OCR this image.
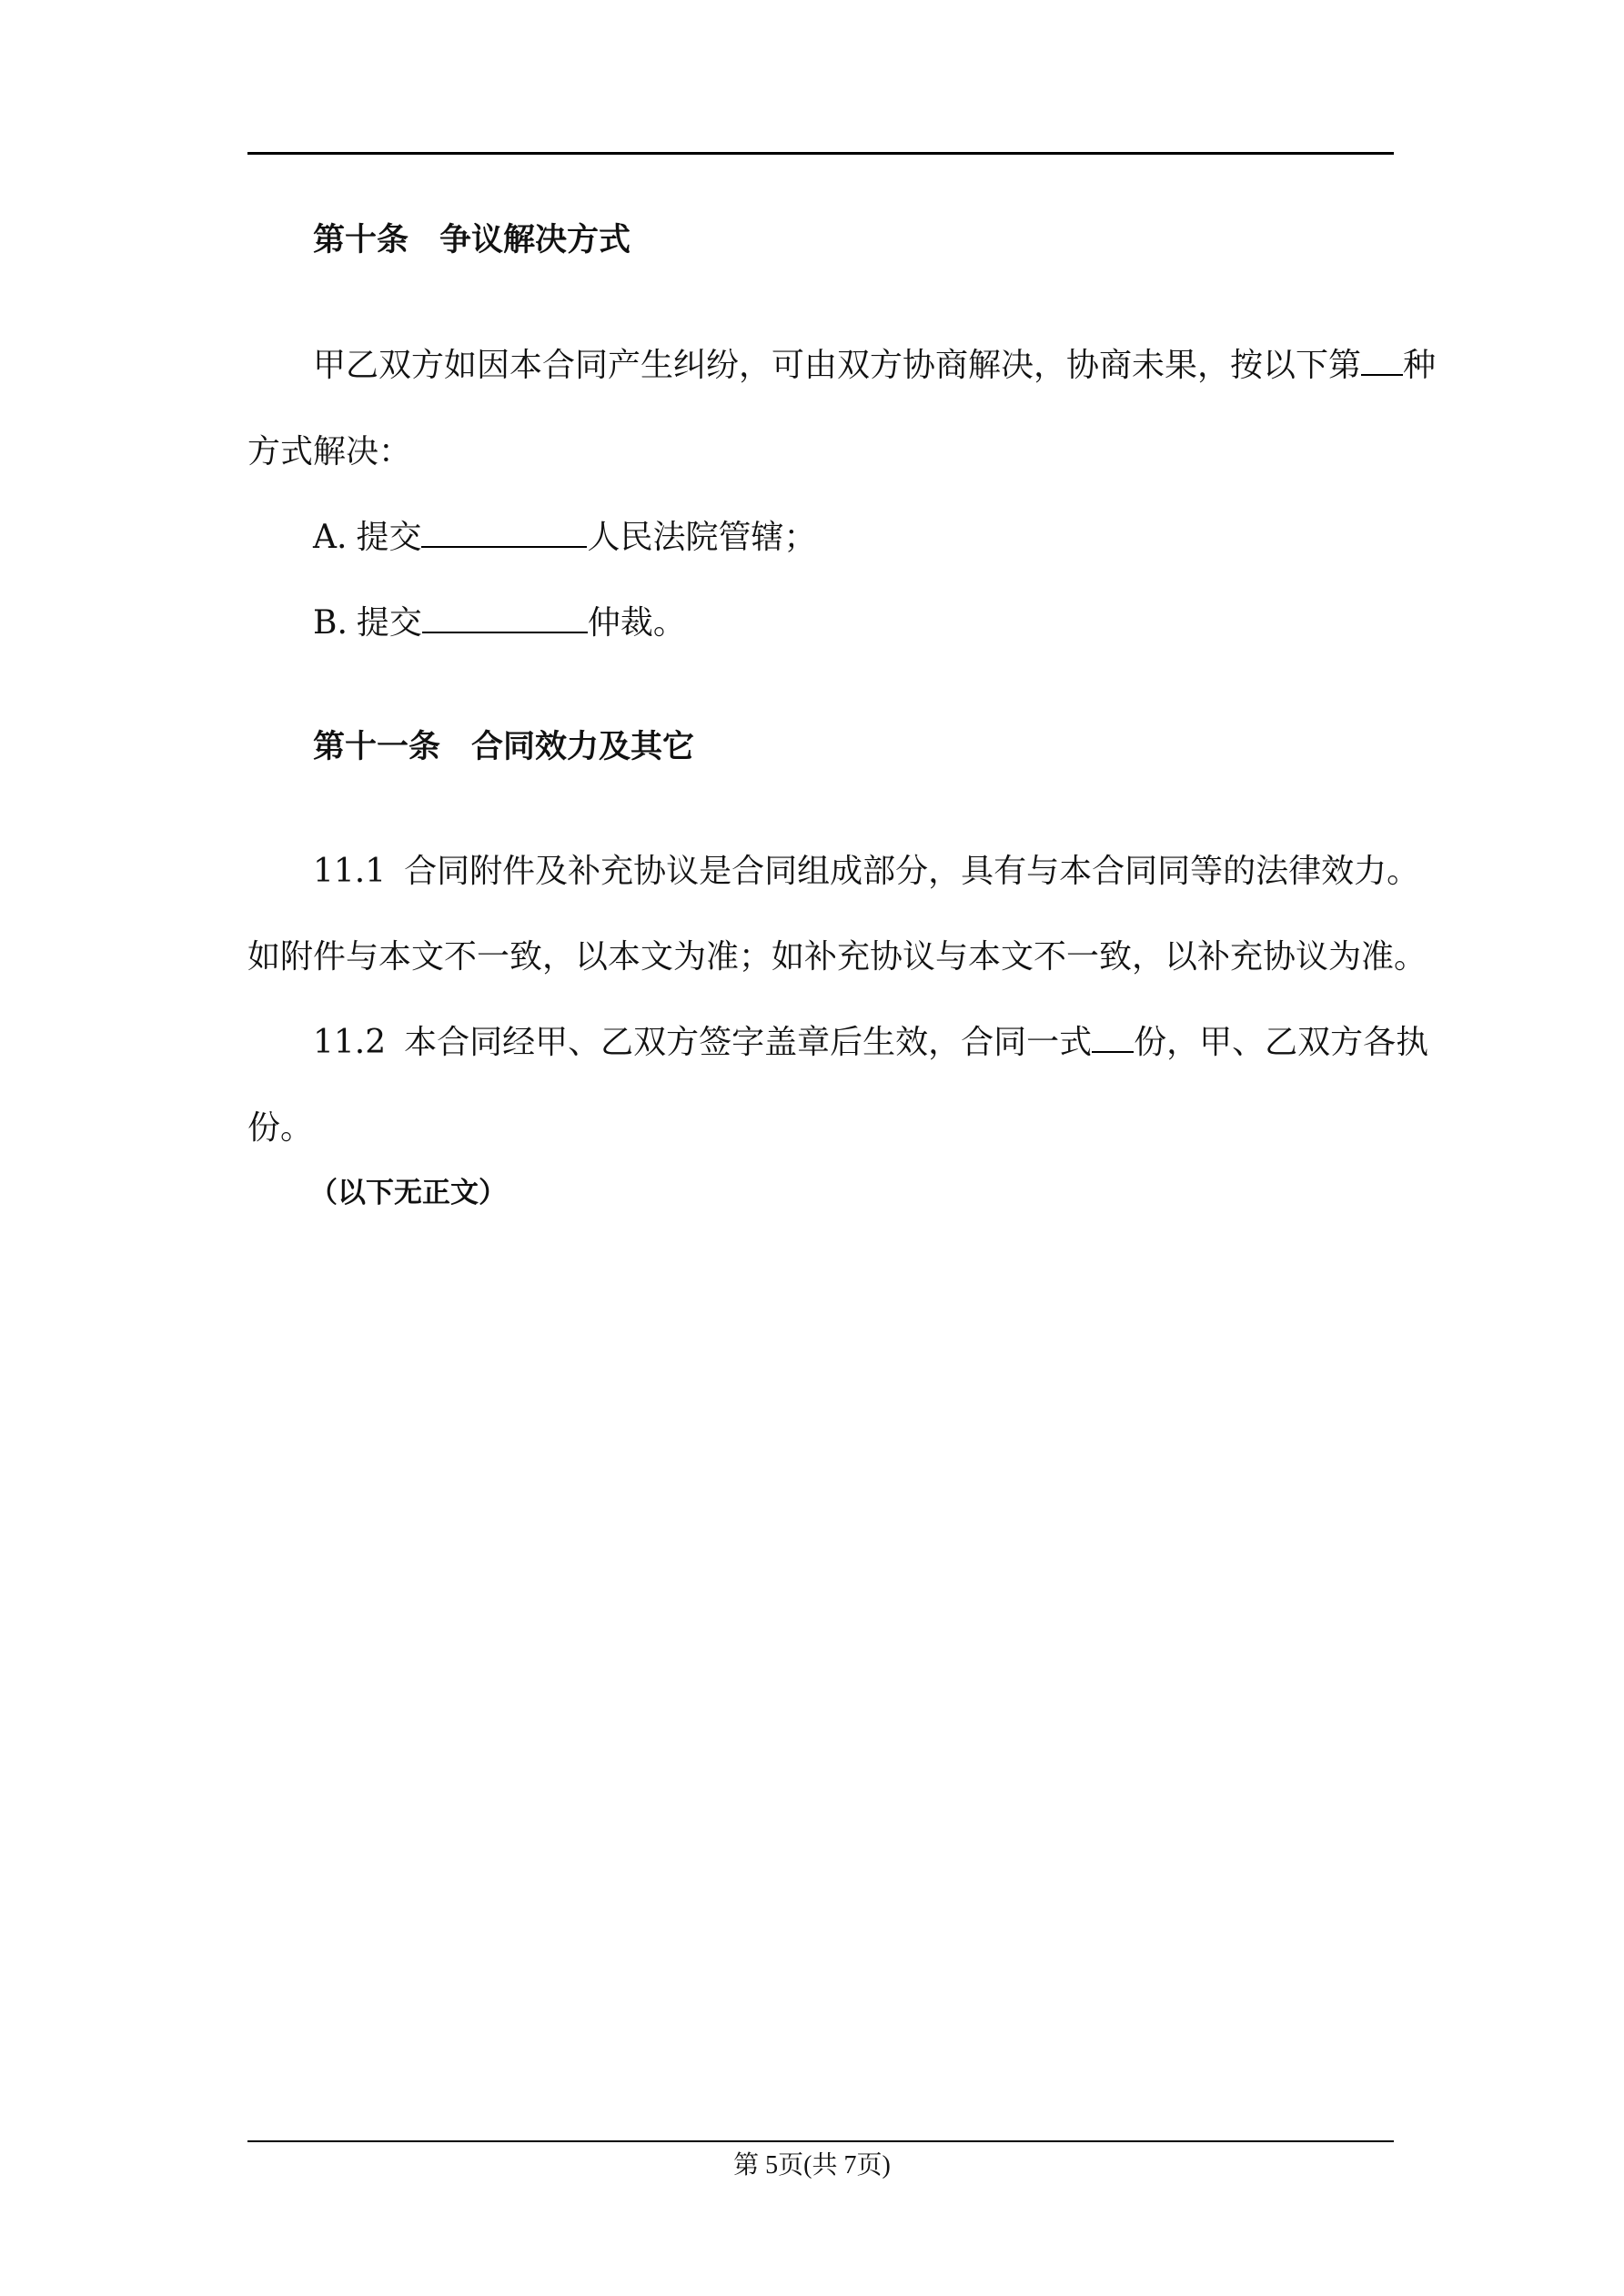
第十条 争议解决方式
甲乙双方如因本合同产生纠纷，可由双方协商解决，协商未果，按以下第 种
方式解决：
A. 提交	人民法院管辖；
B. 提交	仲裁。
第十一条 合同效力及其它
11.1 合同附件及补充协议是合同组成部分，具有与本合同同等的法律效力。
如附件与本文不一致，以本文为准；如补充协议与本文不一致，以补充协议为准。
11.2 本合同经甲、乙双方签字盖章后生效，合同一式 份，甲、乙双方各执
份。
（以下无正文）
第 5页(共 7页)
